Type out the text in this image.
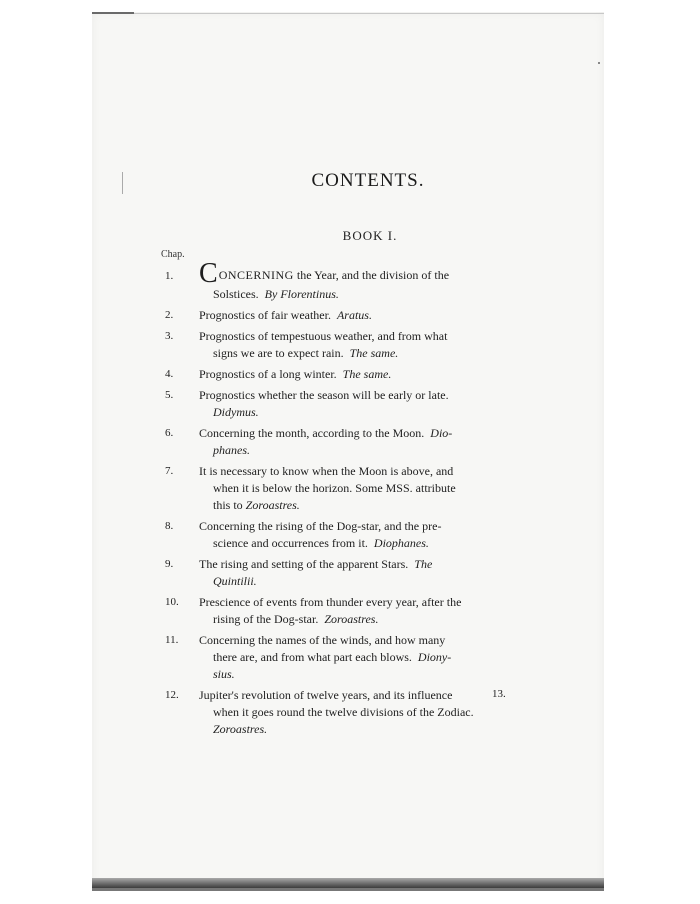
CONTENTS.
BOOK I.
Chap.
1. CONCERNING the Year, and the division of the
Solstices. By Florentinus.
2.	Prognostics of fair weather. Aratus.
3.	Prognostics of tempestuous weather, and from what
signs we are to expect rain. The same.
4.	Prognostics of a long winter. The same.
5.	Prognostics whether the season will be early or late.
Didymus.
6.	Concerning the month, according to the Moon. Dio-
phanes.
7.	It is necessary to know when the Moon is above, and
when it is below the horizon. Some MSS. attribute
this to Zoroastres.
8.	Concerning the rising of the Dog-star, and the pre-
science and occurrences from it. Diophanes.
9.	The rising and setting of the apparent Stars. The
Quintilii.
10.	Prescience of events from thunder every year, after the
rising of the Dog-star. Zoroastres.
11.	Concerning the names of the winds, and how many
there are, and from what part each blows. Diony-
sius.
12.	Jupiter's revolution of twelve years, and its influence
when it goes round the twelve divisions of the Zodiac.
Zoroastres.
13.
